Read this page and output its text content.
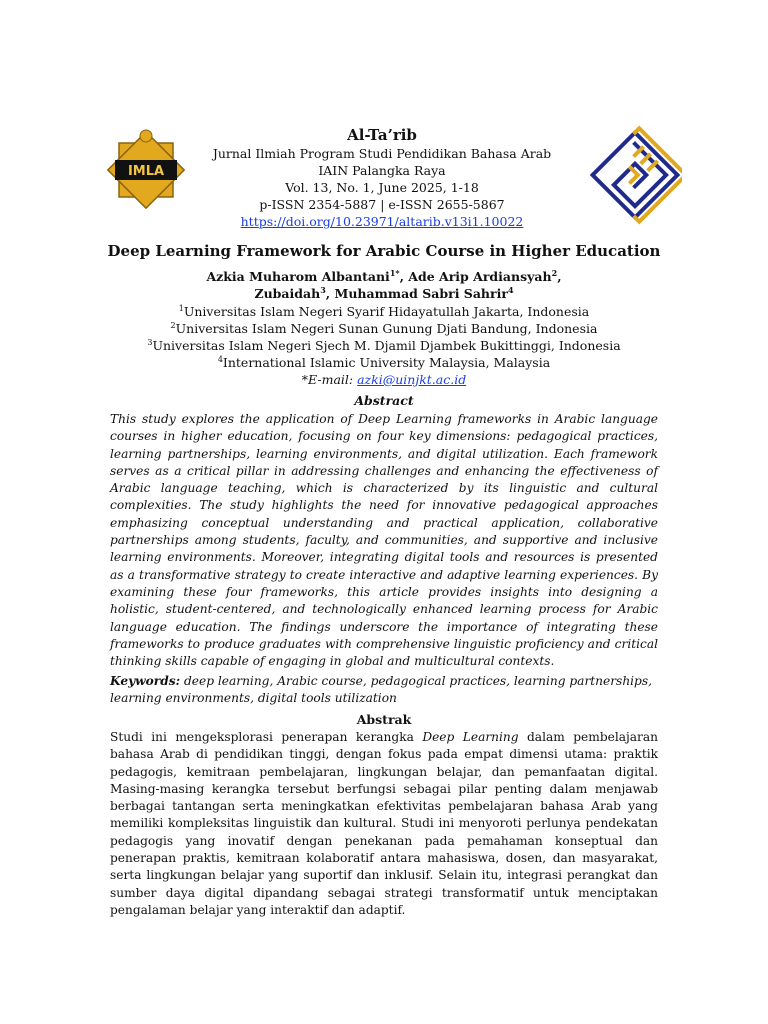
IMLA
Al-Ta’rib
Jurnal Ilmiah Program Studi Pendidikan Bahasa Arab
IAIN Palangka Raya
Vol. 13, No. 1, June 2025, 1-18
p-ISSN 2354-5887 | e-ISSN 2655-5867
https://doi.org/10.23971/altarib.v13i1.10022
Deep Learning Framework for Arabic Course in Higher Education
Azkia Muharom Albantani$^{1*}$, Ade Arip Ardiansyah$^2$,
Zubaidah$^3$, Muhammad Sabri Sahrir$^4$
$^1$Universitas Islam Negeri Syarif Hidayatullah Jakarta, Indonesia
$^2$Universitas Islam Negeri Sunan Gunung Djati Bandung, Indonesia
$^3$Universitas Islam Negeri Sjech M. Djamil Djambek Bukittinggi, Indonesia
$^4$International Islamic University Malaysia, Malaysia
*E-mail: azki@uinjkt.ac.id
Abstract
This study explores the application of Deep Learning frameworks in Arabic language courses in higher education, focusing on four key dimensions: pedagogical practices, learning partnerships, learning environments, and digital utilization. Each framework serves as a critical pillar in addressing challenges and enhancing the effectiveness of Arabic language teaching, which is characterized by its linguistic and cultural complexities. The study highlights the need for innovative pedagogical approaches emphasizing conceptual understanding and practical application, collaborative partnerships among students, faculty, and communities, and supportive and inclusive learning environments. Moreover, integrating digital tools and resources is presented as a transformative strategy to create interactive and adaptive learning experiences. By examining these four frameworks, this article provides insights into designing a holistic, student-centered, and technologically enhanced learning process for Arabic language education. The findings underscore the importance of integrating these frameworks to produce graduates with comprehensive linguistic proficiency and critical thinking skills capable of engaging in global and multicultural contexts.
Keywords: deep learning, Arabic course, pedagogical practices, learning partnerships, learning environments, digital tools utilization
Abstrak
Studi ini mengeksplorasi penerapan kerangka Deep Learning dalam pembelajaran bahasa Arab di pendidikan tinggi, dengan fokus pada empat dimensi utama: praktik pedagogis, kemitraan pembelajaran, lingkungan belajar, dan pemanfaatan digital. Masing-masing kerangka tersebut berfungsi sebagai pilar penting dalam menjawab berbagai tantangan serta meningkatkan efektivitas pembelajaran bahasa Arab yang memiliki kompleksitas linguistik dan kultural. Studi ini menyoroti perlunya pendekatan pedagogis yang inovatif dengan penekanan pada pemahaman konseptual dan penerapan praktis, kemitraan kolaboratif antara mahasiswa, dosen, dan masyarakat, serta lingkungan belajar yang suportif dan inklusif. Selain itu, integrasi perangkat dan sumber daya digital dipandang sebagai strategi transformatif untuk menciptakan pengalaman belajar yang interaktif dan adaptif.
